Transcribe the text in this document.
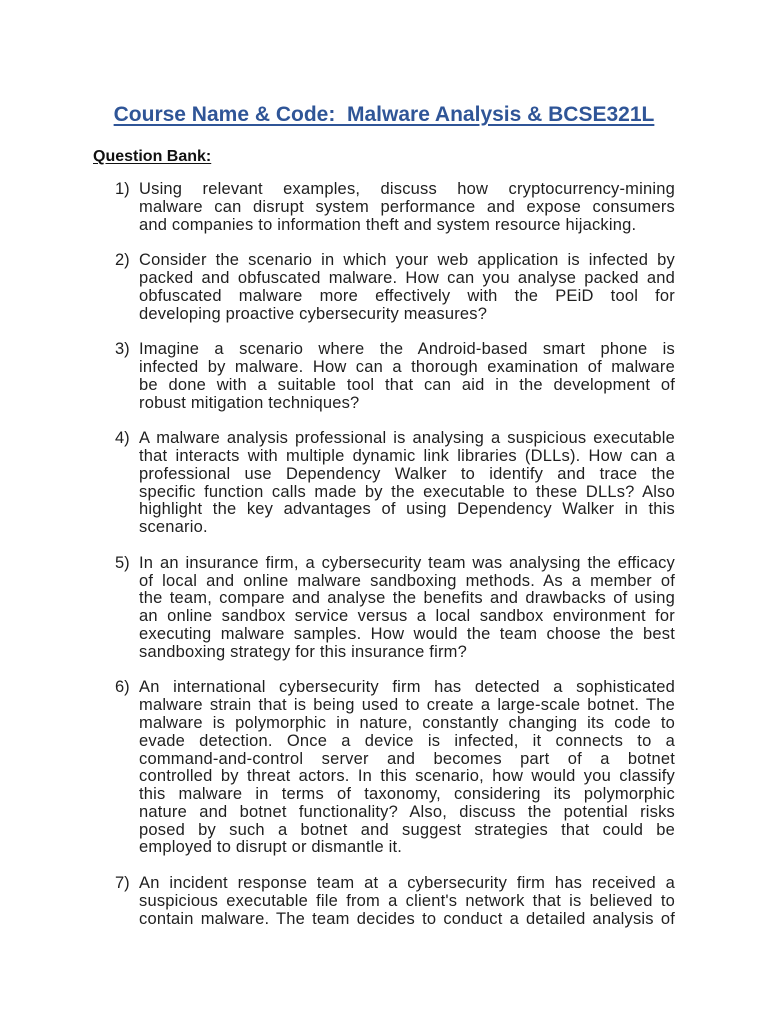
Course Name & Code:  Malware Analysis & BCSE321L
Question Bank:
1) Using relevant examples, discuss how cryptocurrency-mining
malware can disrupt system performance and expose consumers
and companies to information theft and system resource hijacking.
2) Consider the scenario in which your web application is infected by
packed and obfuscated malware. How can you analyse packed and
obfuscated malware more effectively with the PEiD tool for
developing proactive cybersecurity measures?
3) Imagine a scenario where the Android-based smart phone is
infected by malware. How can a thorough examination of malware
be done with a suitable tool that can aid in the development of
robust mitigation techniques?
4) A malware analysis professional is analysing a suspicious executable
that interacts with multiple dynamic link libraries (DLLs). How can a
professional use Dependency Walker to identify and trace the
specific function calls made by the executable to these DLLs? Also
highlight the key advantages of using Dependency Walker in this
scenario.
5) In an insurance firm, a cybersecurity team was analysing the efficacy
of local and online malware sandboxing methods. As a member of
the team, compare and analyse the benefits and drawbacks of using
an online sandbox service versus a local sandbox environment for
executing malware samples. How would the team choose the best
sandboxing strategy for this insurance firm?
6) An international cybersecurity firm has detected a sophisticated
malware strain that is being used to create a large-scale botnet. The
malware is polymorphic in nature, constantly changing its code to
evade detection. Once a device is infected, it connects to a
command-and-control server and becomes part of a botnet
controlled by threat actors. In this scenario, how would you classify
this malware in terms of taxonomy, considering its polymorphic
nature and botnet functionality? Also, discuss the potential risks
posed by such a botnet and suggest strategies that could be
employed to disrupt or dismantle it.
7) An incident response team at a cybersecurity firm has received a
suspicious executable file from a client's network that is believed to
contain malware. The team decides to conduct a detailed analysis of
